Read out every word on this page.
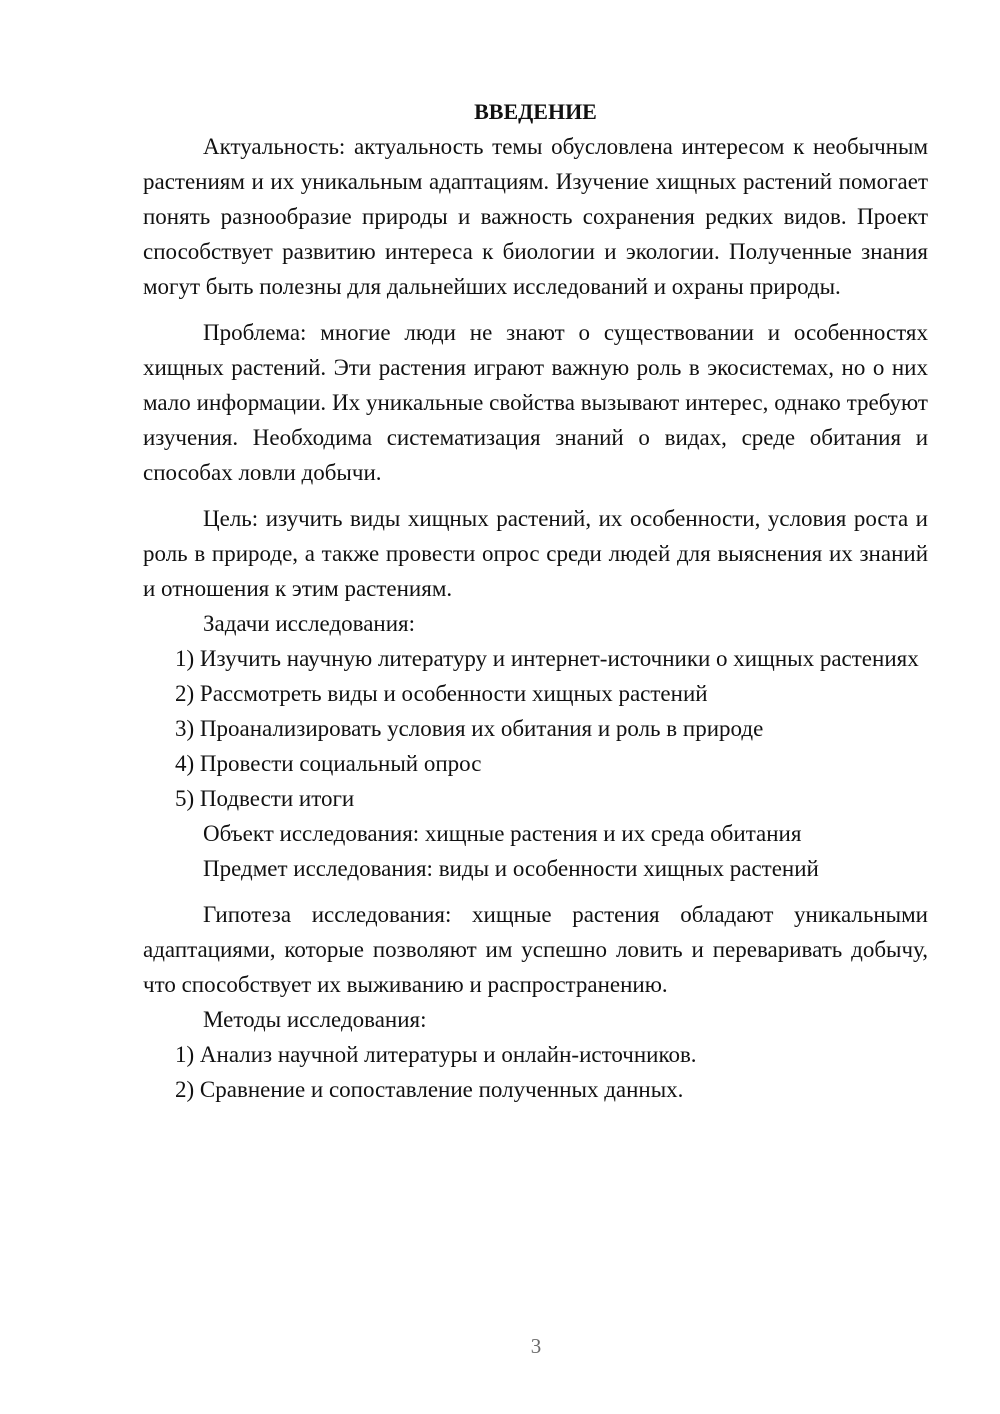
ВВЕДЕНИЕ

Актуальность: актуальность темы обусловлена интересом к необычным растениям и их уникальным адаптациям. Изучение хищных растений помогает понять разнообразие природы и важность сохранения редких видов. Проект способствует развитию интереса к биологии и экологии. Полученные знания могут быть полезны для дальнейших исследований и охраны природы.

Проблема: многие люди не знают о существовании и особенностях хищных растений. Эти растения играют важную роль в экосистемах, но о них мало информации. Их уникальные свойства вызывают интерес, однако требуют изучения. Необходима систематизация знаний о видах, среде обитания и способах ловли добычи.

Цель: изучить виды хищных растений, их особенности, условия роста и роль в природе, а также провести опрос среди людей для выяснения их знаний и отношения к этим растениям.

Задачи исследования:

1) Изучить научную литературу и интернет-источники о хищных растениях

2) Рассмотреть виды и особенности хищных растений

3) Проанализировать условия их обитания и роль в природе

4) Провести социальный опрос

5) Подвести итоги

Объект исследования: хищные растения и их среда обитания

Предмет исследования: виды и особенности хищных растений

Гипотеза исследования: хищные растения обладают уникальными адаптациями, которые позволяют им успешно ловить и переваривать добычу, что способствует их выживанию и распространению.

Методы исследования:

1) Анализ научной литературы и онлайн-источников.

2) Сравнение и сопоставление полученных данных.

3
